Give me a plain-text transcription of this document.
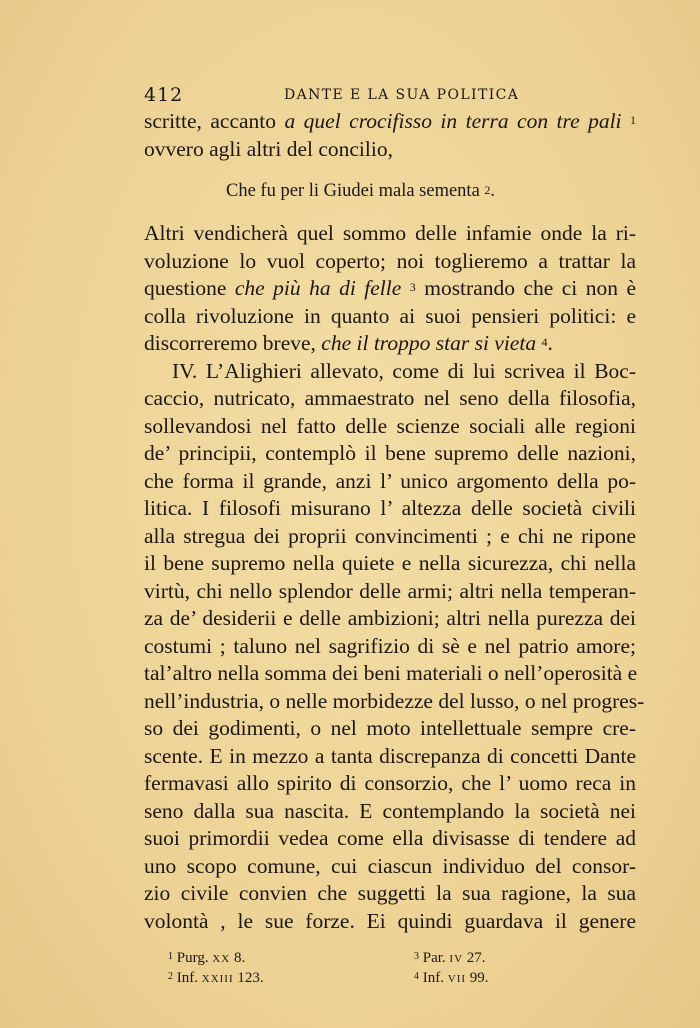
412	DANTE E LA SUA POLITICA
scritte, accanto a quel crocifisso in terra con tre pali $^1$
ovvero agli altri del concilio,
Che fu per li Giudei mala sementa $^2$.
Altri vendicherà quel sommo delle infamie onde la ri-
voluzione lo vuol coperto; noi toglieremo a trattar la
questione che più ha di felle $^3$ mostrando che ci non è
colla rivoluzione in quanto ai suoi pensieri politici: e
discorreremo breve, che il troppo star si vieta $^4$.
IV. L’Alighieri allevato, come di lui scrivea il Boc-
caccio, nutricato, ammaestrato nel seno della filosofia,
sollevandosi nel fatto delle scienze sociali alle regioni
de’ principii, contemplò il bene supremo delle nazioni,
che forma il grande, anzi l’ unico argomento della po-
litica. I filosofi misurano l’ altezza delle società civili
alla stregua dei proprii convincimenti ; e chi ne ripone
il bene supremo nella quiete e nella sicurezza, chi nella
virtù, chi nello splendor delle armi; altri nella temperan-
za de’ desiderii e delle ambizioni; altri nella purezza dei
costumi ; taluno nel sagrifizio di sè e nel patrio amore;
tal’altro nella somma dei beni materiali o nell’operosità e
nell’industria, o nelle morbidezze del lusso, o nel progres-
so dei godimenti, o nel moto intellettuale sempre cre-
scente. E in mezzo a tanta discrepanza di concetti Dante
fermavasi allo spirito di consorzio, che l’ uomo reca in
seno dalla sua nascita. E contemplando la società nei
suoi primordii vedea come ella divisasse di tendere ad
uno scopo comune, cui ciascun individuo del consor-
zio civile convien che suggetti la sua ragione, la sua
volontà , le sue forze. Ei quindi guardava il genere
$^1$ Purg. xx 8.
$^2$ Inf. xxiii 123.
$^3$ Par. iv 27.
$^4$ Inf. vii 99.
